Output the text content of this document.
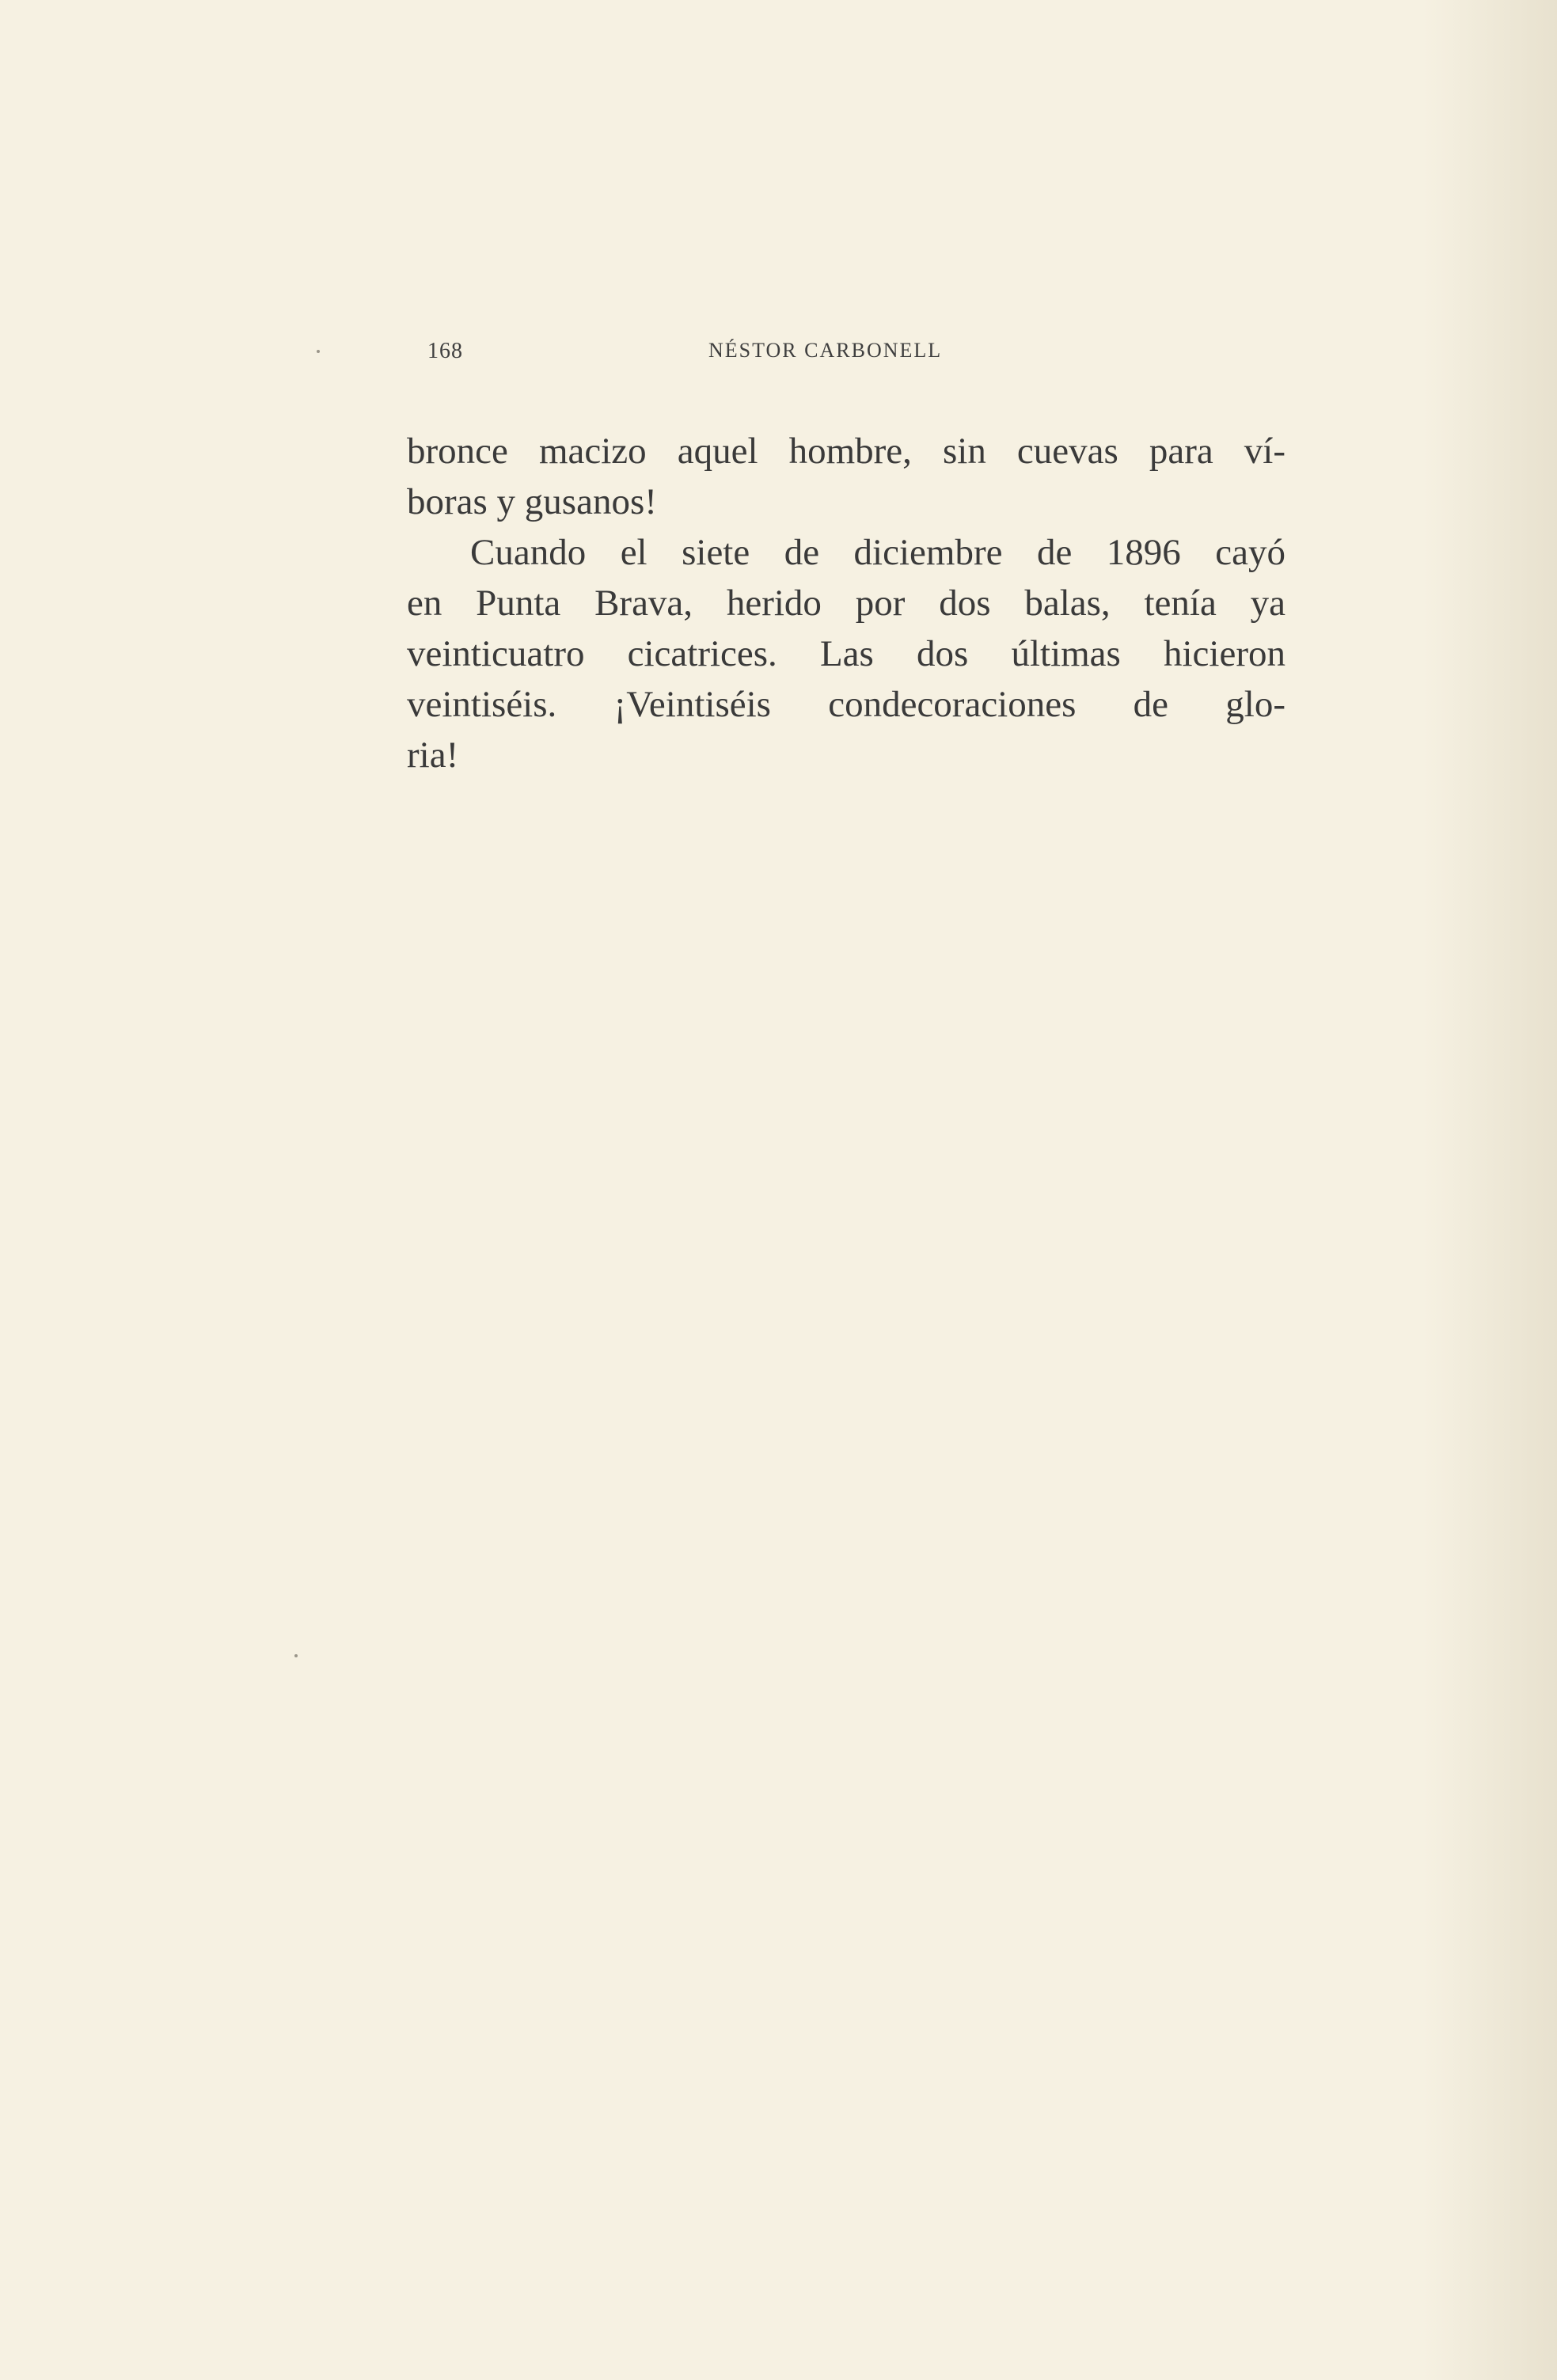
168	NÉSTOR CARBONELL
bronce macizo aquel hombre, sin cuevas para ví-
boras y gusanos!
Cuando el siete de diciembre de 1896 cayó
en Punta Brava, herido por dos balas, tenía ya
veinticuatro cicatrices. Las dos últimas hicieron
veintiséis. ¡Veintiséis condecoraciones de glo-
ria!
